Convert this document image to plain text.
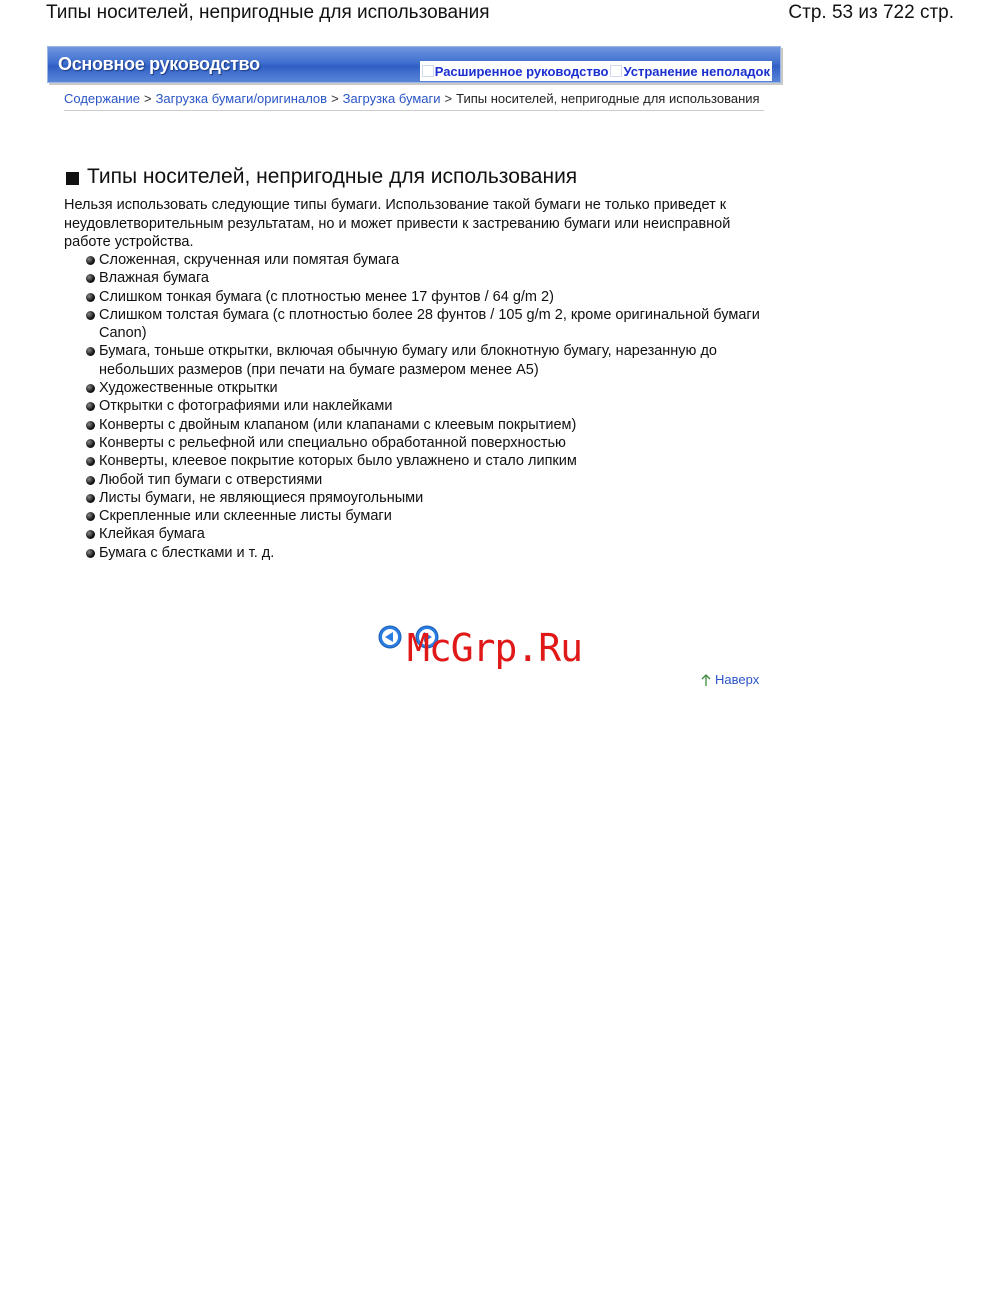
Типы носителей, непригодные для использования	Стр. 53 из 722 стр.
Основное руководство	Расширенное руководство Устранение неполадок
Содержание > Загрузка бумаги/оригиналов > Загрузка бумаги > Типы носителей, непригодные для использования
Типы носителей, непригодные для использования
Нельзя использовать следующие типы бумаги. Использование такой бумаги не только приведет к неудовлетворительным результатам, но и может привести к застреванию бумаги или неисправной работе устройства.
Сложенная, скрученная или помятая бумага
Влажная бумага
Слишком тонкая бумага (с плотностью менее 17 фунтов / 64 g/m 2)
Слишком толстая бумага (с плотностью более 28 фунтов / 105 g/m 2, кроме оригинальной бумаги Canon)
Бумага, тоньше открытки, включая обычную бумагу или блокнотную бумагу, нарезанную до небольших размеров (при печати на бумаге размером менее A5)
Художественные открытки
Открытки с фотографиями или наклейками
Конверты с двойным клапаном (или клапанами с клеевым покрытием)
Конверты с рельефной или специально обработанной поверхностью
Конверты, клеевое покрытие которых было увлажнено и стало липким
Любой тип бумаги с отверстиями
Листы бумаги, не являющиеся прямоугольными
Скрепленные или склеенные листы бумаги
Клейкая бумага
Бумага с блестками и т. д.
McGrp.Ru
Наверх
